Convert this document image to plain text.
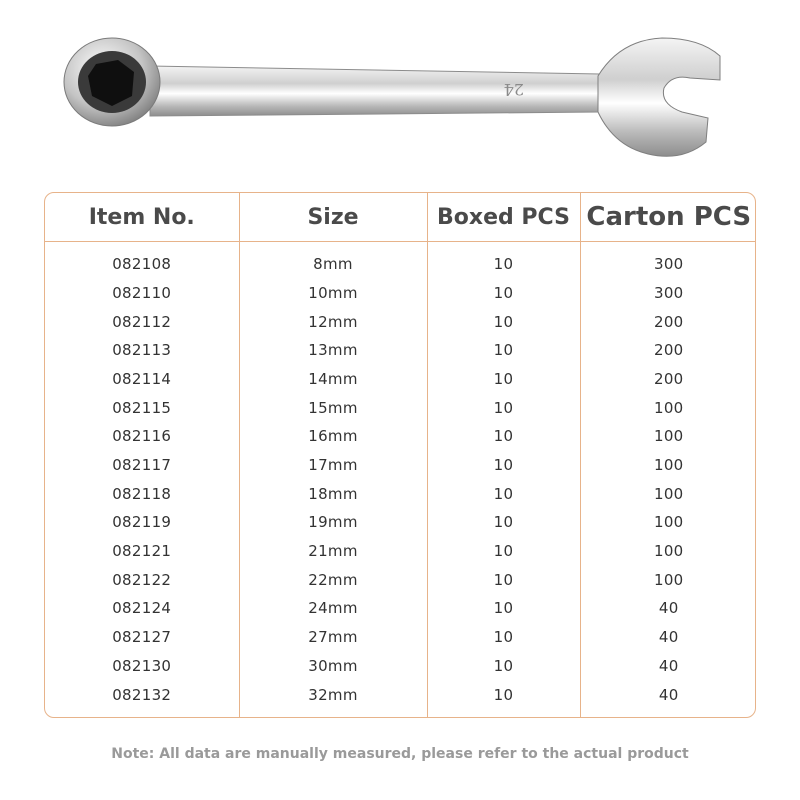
24
Item No.	Size	Boxed PCS	Carton PCS
082108	8mm	10	300
082110	10mm	10	300
082112	12mm	10	200
082113	13mm	10	200
082114	14mm	10	200
082115	15mm	10	100
082116	16mm	10	100
082117	17mm	10	100
082118	18mm	10	100
082119	19mm	10	100
082121	21mm	10	100
082122	22mm	10	100
082124	24mm	10	40
082127	27mm	10	40
082130	30mm	10	40
082132	32mm	10	40
Note: All data are manually measured, please refer to the actual product
